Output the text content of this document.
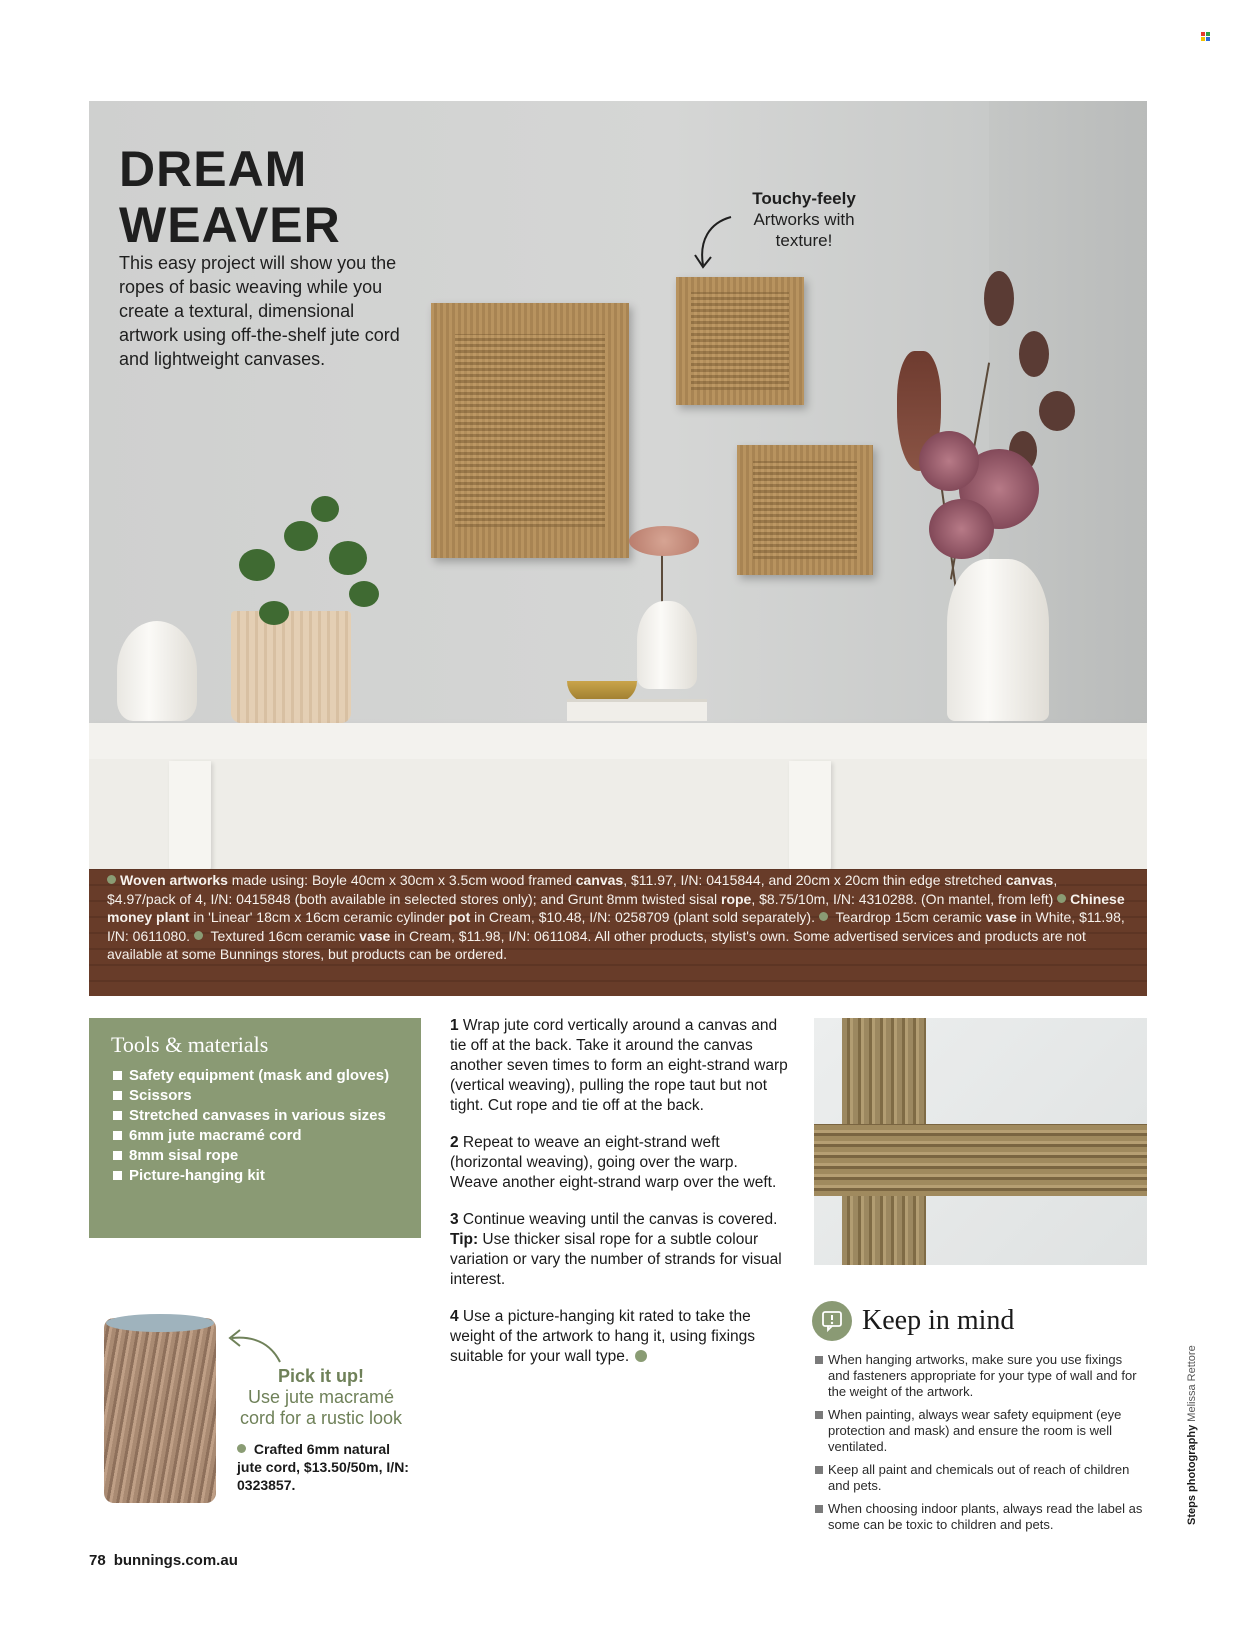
DREAM
WEAVER
This easy project will show you the ropes of basic weaving while you create a textural, dimensional artwork using off-the-shelf jute cord and lightweight canvases.
Touchy-feely
Artworks with texture!
Woven artworks made using: Boyle 40cm x 30cm x 3.5cm wood framed canvas, $11.97, I/N: 0415844, and 20cm x 20cm thin edge stretched canvas, $4.97/pack of 4, I/N: 0415848 (both available in selected stores only); and Grunt 8mm twisted sisal rope, $8.75/10m, I/N: 4310288. (On mantel, from left) Chinese money plant in 'Linear' 18cm x 16cm ceramic cylinder pot in Cream, $10.48, I/N: 0258709 (plant sold separately).  Teardrop 15cm ceramic vase in White, $11.98, I/N: 0611080.  Textured 16cm ceramic vase in Cream, $11.98, I/N: 0611084. All other products, stylist's own. Some advertised services and products are not available at some Bunnings stores, but products can be ordered.
Tools & materials
Safety equipment (mask and gloves)
Scissors
Stretched canvases in various sizes
6mm jute macramé cord
8mm sisal rope
Picture-hanging kit

1 Wrap jute cord vertically around a canvas and tie off at the back. Take it around the canvas another seven times to form an eight-strand warp (vertical weaving), pulling the rope taut but not tight. Cut rope and tie off at the back.

2 Repeat to weave an eight-strand weft (horizontal weaving), going over the warp. Weave another eight-strand warp over the weft.

3 Continue weaving until the canvas is covered. Tip: Use thicker sisal rope for a subtle colour variation or vary the number of strands for visual interest.

4 Use a picture-hanging kit rated to take the weight of the artwork to hang it, using fixings suitable for your wall type.

Pick it up!
Use jute macramé cord for a rustic look
Crafted 6mm natural jute cord, $13.50/50m, I/N: 0323857.
Keep in mind
When hanging artworks, make sure you use fixings and fasteners appropriate for your type of wall and for the weight of the artwork.
When painting, always wear safety equipment (eye protection and mask) and ensure the room is well ventilated.
Keep all paint and chemicals out of reach of children and pets.
When choosing indoor plants, always read the label as some can be toxic to children and pets.	Steps photography Melissa Rettore
78 bunnings.com.au
